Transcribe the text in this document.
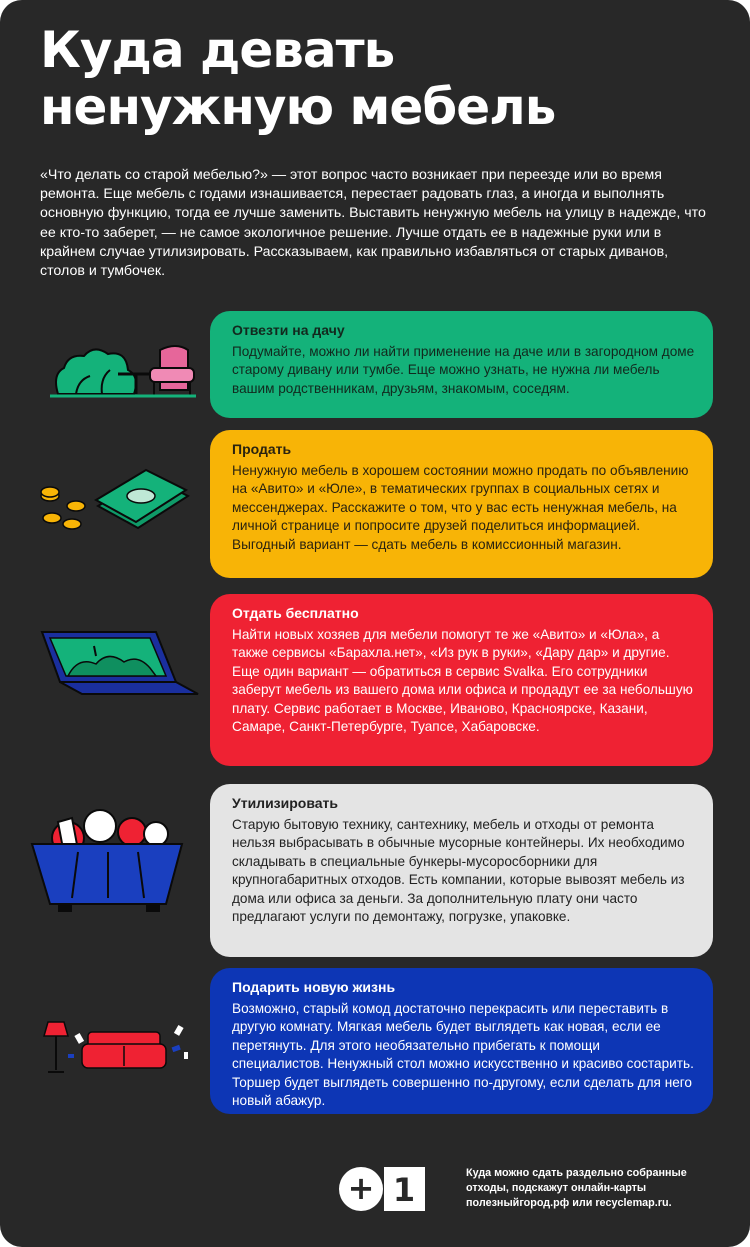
Куда девать
ненужную мебель

«Что делать со старой мебелью?» — этот вопрос часто возникает при переезде или во время ремонта. Еще мебель с годами изнашивается, перестает радовать глаз, а иногда и выполнять основную функцию, тогда ее лучше заменить. Выставить ненужную мебель на улицу в надежде, что ее кто-то заберет, — не самое экологичное решение. Лучше отдать ее в надежные руки или в крайнем случае утилизировать. Рассказываем, как правильно избавляться от старых диванов, столов и тумбочек.

Отвезти на дачу

Подумайте, можно ли найти применение на даче или в загородном доме старому дивану или тумбе. Еще можно узнать, не нужна ли мебель вашим родственникам, друзьям, знакомым, соседям.

Продать

Ненужную мебель в хорошем состоянии можно продать по объявлению на «Авито» и «Юле», в тематических группах в социальных сетях и мессенджерах. Расскажите о том, что у вас есть ненужная мебель, на личной странице и попросите друзей поделиться информацией. Выгодный вариант — сдать мебель в комиссионный магазин.

Отдать бесплатно

Найти новых хозяев для мебели помогут те же «Авито» и «Юла», а также сервисы «Барахла.нет», «Из рук в руки», «Дару дар» и другие. Еще один вариант — обратиться в сервис Svalka. Его сотрудники заберут мебель из вашего дома или офиса и продадут ее за небольшую плату. Сервис работает в Москве, Иваново, Красноярске, Казани, Самаре, Санкт-Петербурге, Туапсе, Хабаровске.

Утилизировать

Старую бытовую технику, сантехнику, мебель и отходы от ремонта нельзя выбрасывать в обычные мусорные контейнеры. Их необходимо складывать в специальные бункеры-мусоросборники для крупногабаритных отходов. Есть компании, которые вывозят мебель из дома или офиса за деньги. За дополнительную плату они часто предлагают услуги по демонтажу, погрузке, упаковке.

Подарить новую жизнь

Возможно, старый комод достаточно перекрасить или переставить в другую комнату. Мягкая мебель будет выглядеть как новая, если ее перетянуть. Для этого необязательно прибегать к помощи специалистов. Ненужный стол можно искусственно и красиво состарить. Торшер будет выглядеть совершенно по-другому, если сделать для него новый абажур.

+ 1	Куда можно сдать раздельно собранные отходы, подскажут онлайн-карты полезныйгород.рф или recyclemap.ru.
